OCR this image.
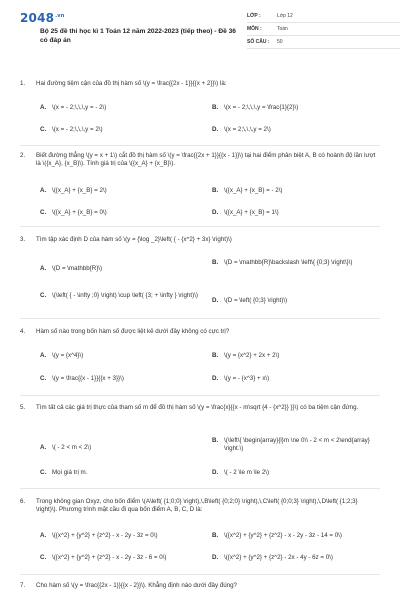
$2048^{.vn}$
Bộ 25 đề thi học kì 1 Toán 12 năm 2022-2023 (tiếp theo) - Đề 36 có đáp án
LỚP :	Lớp 12
MÔN :	Toán
SỐ CÂU :	50
1.	Hai đường tiệm cận của đồ thị hàm số \(y = \frac{{2x - 1}}{{x + 2}}\) là:
A. \(x = - 2;\,\,\,y = - 2\)	B. \(x = - 2;\,\,\,y = \frac{1}{2}\)
C. \(x = - 2;\,\,\,y = 2\)	D. \(x = 2;\,\,\,y = 2\)
2.	Biết đường thẳng \(y = x + 1\) cắt đồ thị hàm số \(y = \frac{{2x + 1}}{{x - 1}}\) tại hai điểm phân biệt A, B có hoành độ lần lượt là \({x_A}, {x_B}\). Tính giá trị của \({x_A} + {x_B}\).
A. \({x_A} + {x_B} = 2\)	B. \({x_A} + {x_B} = - 2\)
C. \({x_A} + {x_B} = 0\)	D. \({x_A} + {x_B} = 1\)
3.	Tìm tập xác định D của hàm số \(y = {\log _2}\left( { - {x^2} + 3x} \right)\)
A. \(D = \mathbb{R}\)
B. \(D = \mathbb{R}\backslash \left\{ {0;3} \right\}\)
C. \(\left( { - \infty ;0} \right) \cup \left( {3; + \infty } \right)\)
D. \(D = \left( {0;3} \right)\)
4.	Hàm số nào trong bốn hàm số được liệt kê dưới đây không có cực trị?
A. \(y = {x^4}\)	B. \(y = {x^2} + 2x + 2\)
C. \(y = \frac{{x - 1}}{{x + 3}}\)	D. \(y = - {x^3} + x\)
5.	Tìm tất cả các giá trị thực của tham số m để đồ thị hàm số \(y = \frac{x}{{x - m\sqrt {4 - {x^2}} }}\) có ba tiệm cận đứng.
A. \( - 2 < m < 2\)
B. \(\left\{ \begin{array}{l}m \ne 0\\ - 2 < m < 2\end{array} \right.\)
C. Mọi giá trị m.	D. \( - 2 \le m \le 2\)
6.	Trong không gian Oxyz, cho bốn điểm \(A\left( {1;0;0} \right),\,B\left( {0;2;0} \right),\,C\left( {0;0;3} \right),\,D\left( {1;2;3} \right)\). Phương trình mặt cầu đi qua bốn điểm A, B, C, D là:
A. \({x^2} + {y^2} + {z^2} - x - 2y - 3z = 0\)	B. \({x^2} + {y^2} + {z^2} - x - 2y - 3z - 14 = 0\)
C. \({x^2} + {y^2} + {z^2} - x - 2y - 3z - 6 = 0\)	D. \({x^2} + {y^2} + {z^2} - 2x - 4y - 6z = 0\)
7.	Cho hàm số \(y = \frac{{2x - 1}}{{x - 2}}\). Khẳng định nào dưới đây đúng?
